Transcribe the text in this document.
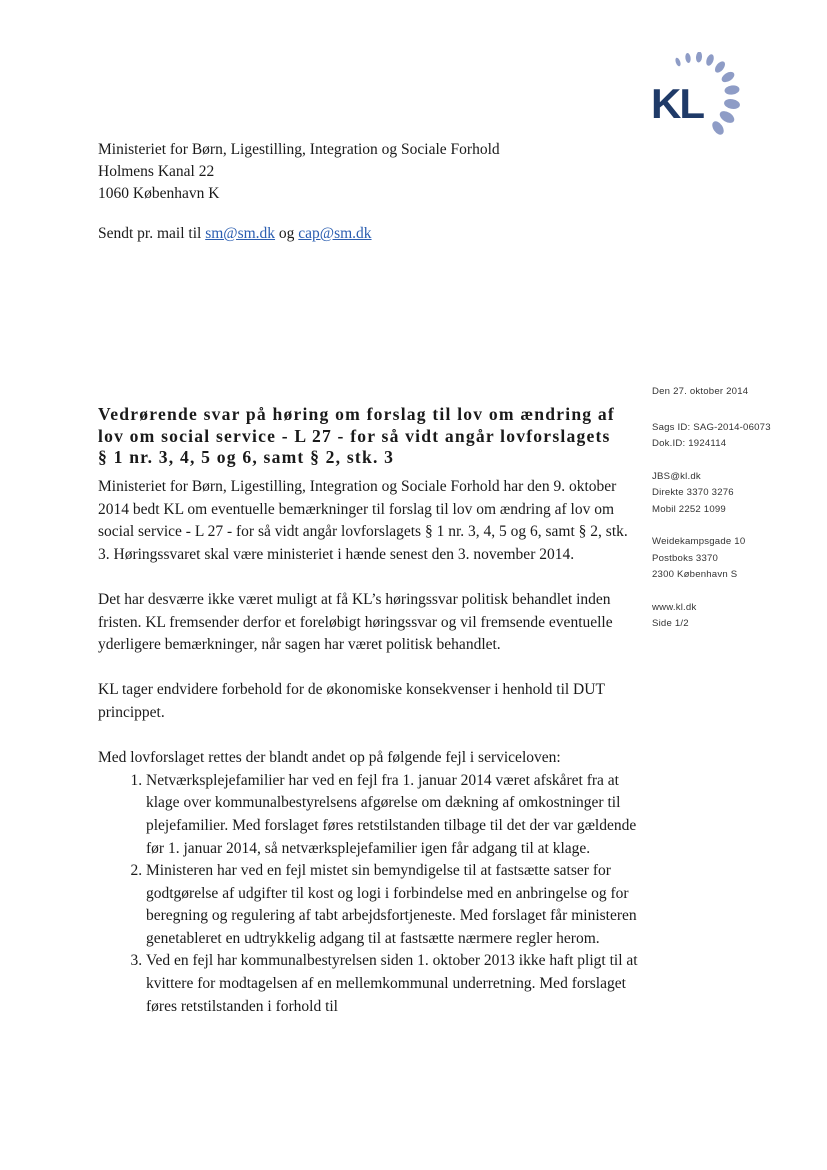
KL
Ministeriet for Børn, Ligestilling, Integration og Sociale Forhold
Holmens Kanal 22
1060 København K
Sendt pr. mail til sm@sm.dk og cap@sm.dk
Den 27. oktober 2014
Sags ID: SAG-2014-06073
Dok.ID: 1924114
JBS@kl.dk
Direkte 3370 3276
Mobil 2252 1099
Weidekampsgade 10
Postboks 3370
2300 København S
www.kl.dk
Side 1/2
Vedrørende svar på høring om forslag til lov om ændring af lov om social service - L 27 - for så vidt angår lovforslagets § 1 nr. 3, 4, 5 og 6, samt § 2, stk. 3

Ministeriet for Børn, Ligestilling, Integration og Sociale Forhold har den 9. oktober 2014 bedt KL om eventuelle bemærkninger til forslag til lov om ændring af lov om social service - L 27 - for så vidt angår lovforslagets § 1 nr. 3, 4, 5 og 6, samt § 2, stk. 3. Høringssvaret skal være ministeriet i hænde senest den 3. november 2014.

Det har desværre ikke været muligt at få KL’s høringssvar politisk behandlet inden fristen. KL fremsender derfor et foreløbigt høringssvar og vil fremsende eventuelle yderligere bemærkninger, når sagen har været politisk behandlet.

KL tager endvidere forbehold for de økonomiske konsekvenser i henhold til DUT princippet.

Med lovforslaget rettes der blandt andet op på følgende fejl i serviceloven:

1. Netværksplejefamilier har ved en fejl fra 1. januar 2014 været afskåret fra at klage over kommunalbestyrelsens afgørelse om dækning af omkostninger til plejefamilier. Med forslaget føres retstilstanden tilbage til det der var gældende før 1. januar 2014, så netværksplejefamilier igen får adgang til at klage.
2. Ministeren har ved en fejl mistet sin bemyndigelse til at fastsætte satser for godtgørelse af udgifter til kost og logi i forbindelse med en anbringelse og for beregning og regulering af tabt arbejdsfortjeneste. Med forslaget får ministeren genetableret en udtrykkelig adgang til at fastsætte nærmere regler herom.
3. Ved en fejl har kommunalbestyrelsen siden 1. oktober 2013 ikke haft pligt til at kvittere for modtagelsen af en mellemkommunal underretning. Med forslaget føres retstilstanden i forhold til
